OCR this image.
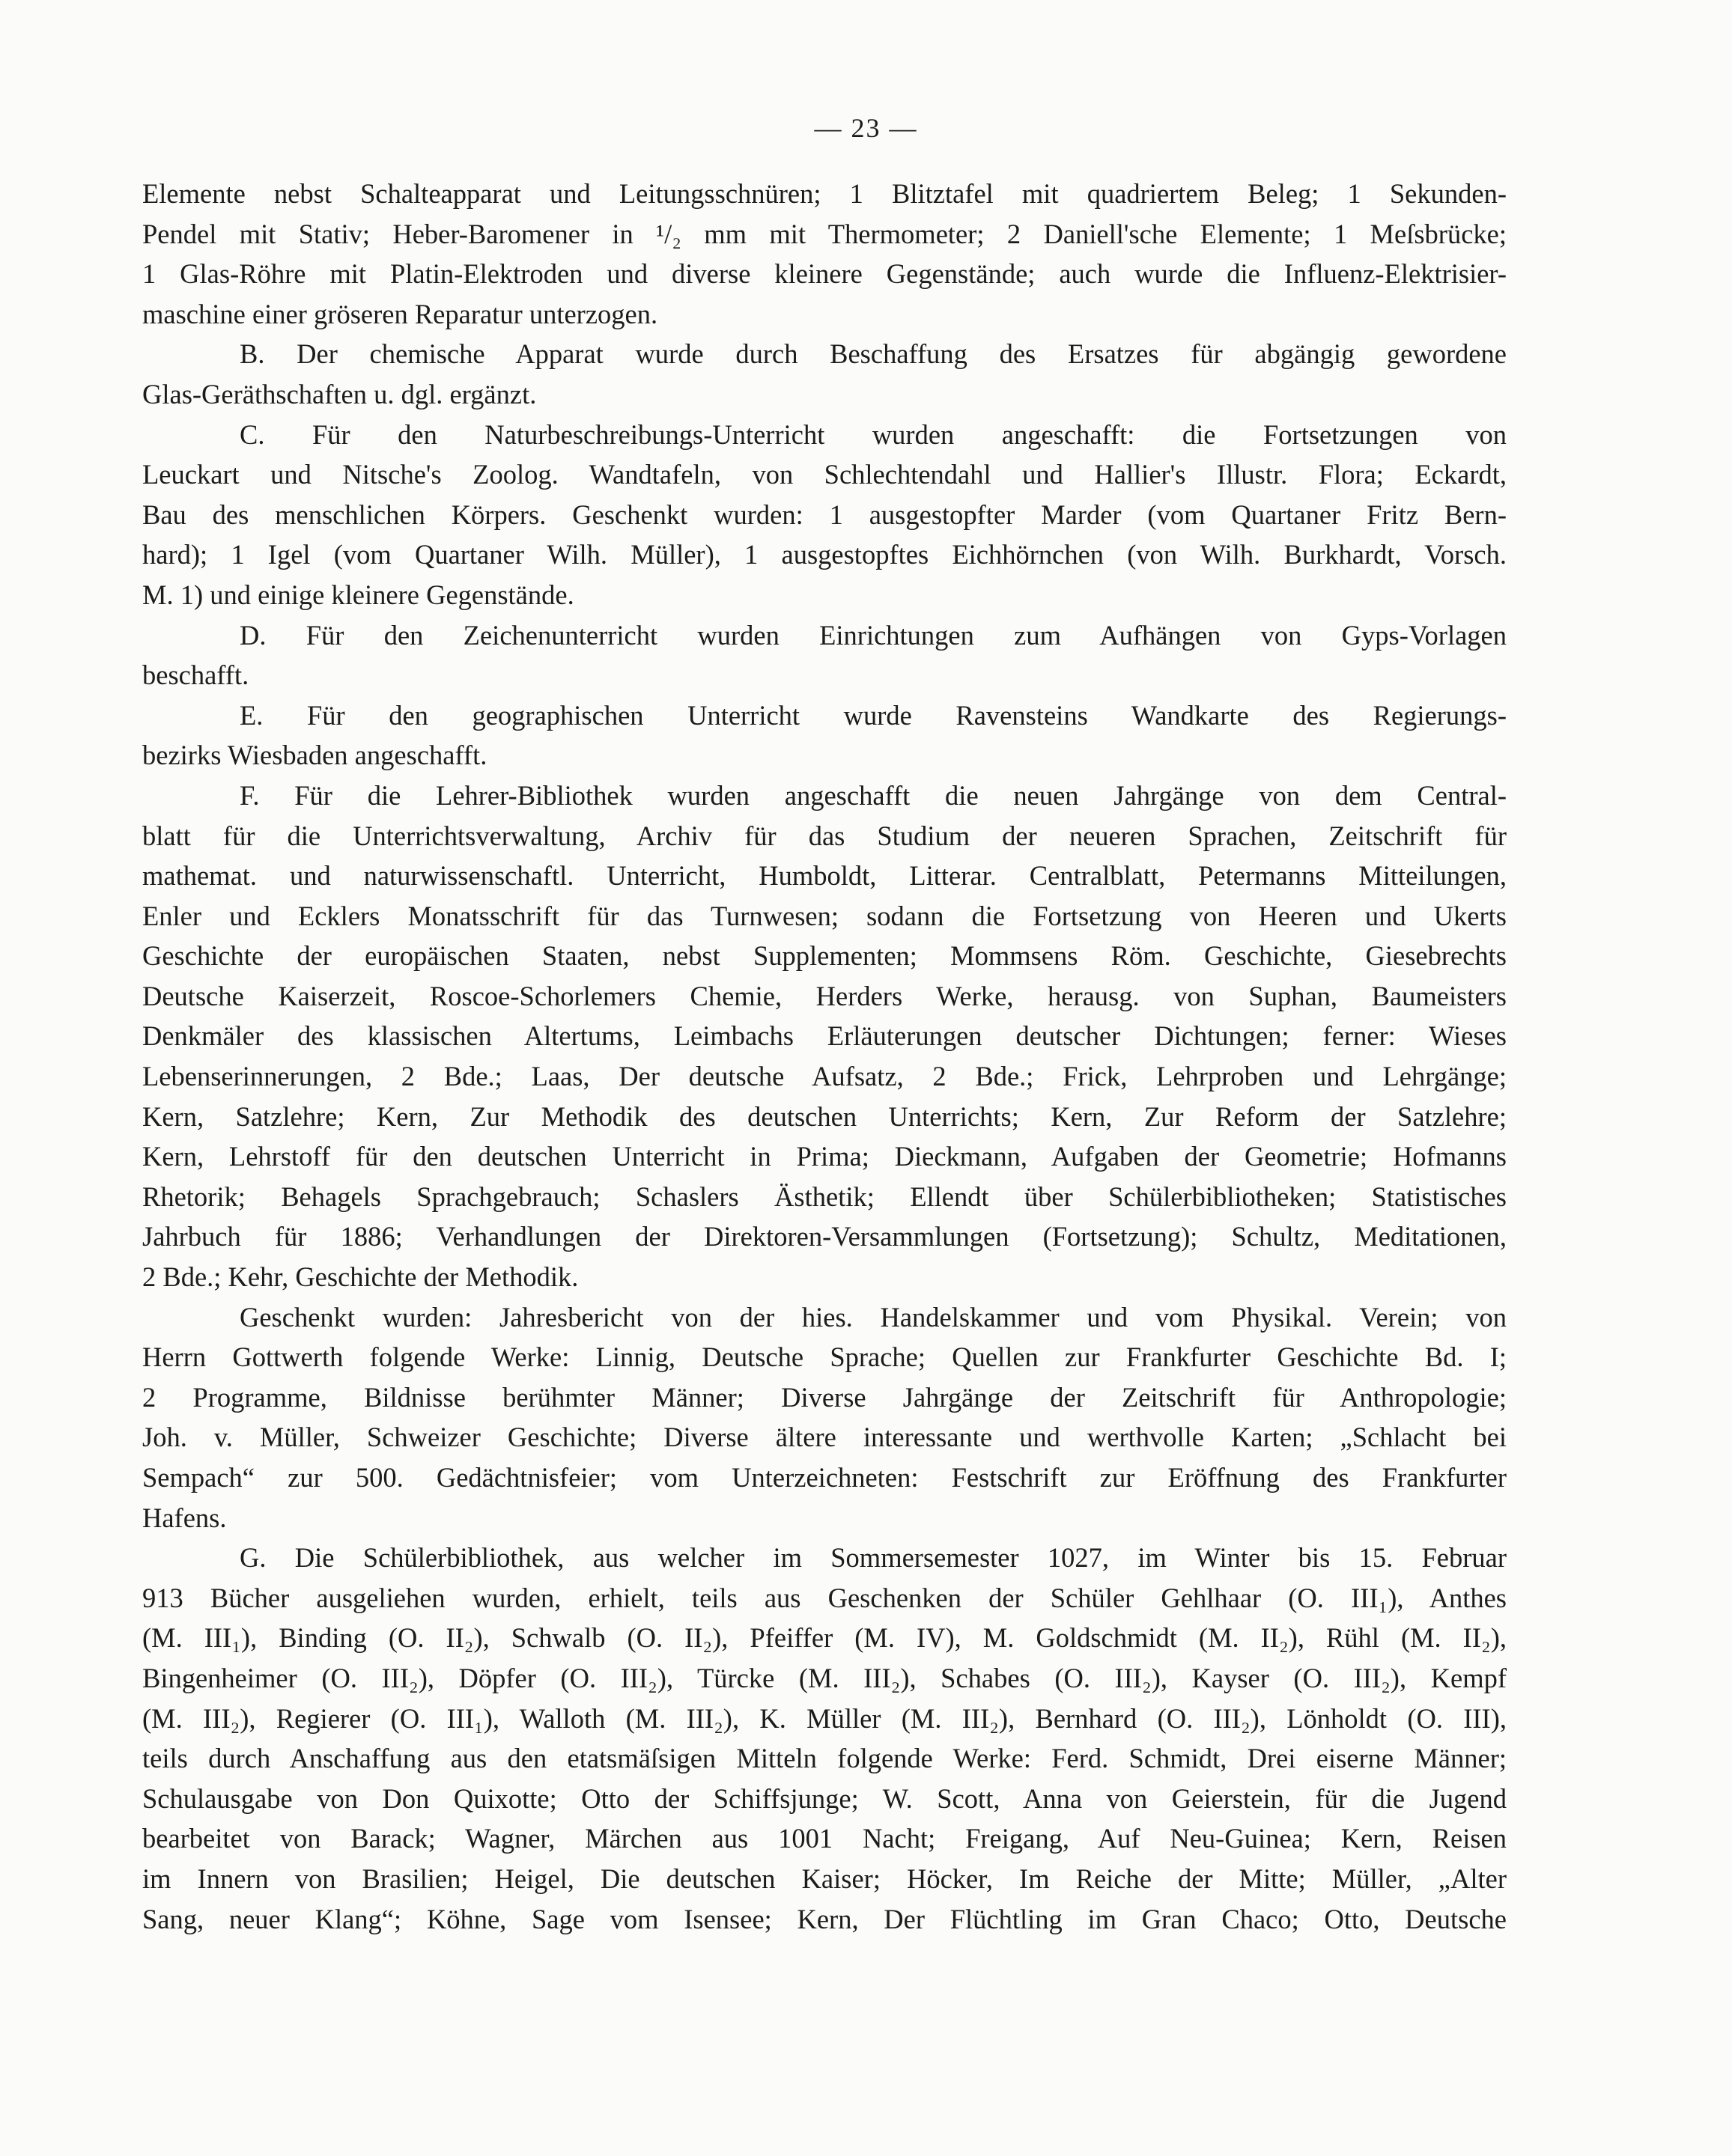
— 23 —
Elemente nebst Schalteapparat und Leitungsschnüren; 1 Blitztafel mit quadriertem Beleg; 1 Sekunden-
Pendel mit Stativ; Heber-Baromener in ¹/₂ mm mit Thermometer; 2 Daniell'sche Elemente; 1 Meſsbrücke;
1 Glas-Röhre mit Platin-Elektroden und diverse kleinere Gegenstände; auch wurde die Influenz-Elektrisier-
maschine einer gröseren Reparatur unterzogen.
B. Der chemische Apparat wurde durch Beschaffung des Ersatzes für abgängig gewordene
Glas-Geräthschaften u. dgl. ergänzt.
C. Für den Naturbeschreibungs-Unterricht wurden angeschafft: die Fortsetzungen von
Leuckart und Nitsche's Zoolog. Wandtafeln, von Schlechtendahl und Hallier's Illustr. Flora; Eckardt,
Bau des menschlichen Körpers. Geschenkt wurden: 1 ausgestopfter Marder (vom Quartaner Fritz Bern-
hard); 1 Igel (vom Quartaner Wilh. Müller), 1 ausgestopftes Eichhörnchen (von Wilh. Burkhardt, Vorsch.
M. 1) und einige kleinere Gegenstände.
D. Für den Zeichenunterricht wurden Einrichtungen zum Aufhängen von Gyps-Vorlagen
beschafft.
E. Für den geographischen Unterricht wurde Ravensteins Wandkarte des Regierungs-
bezirks Wiesbaden angeschafft.
F. Für die Lehrer-Bibliothek wurden angeschafft die neuen Jahrgänge von dem Central-
blatt für die Unterrichtsverwaltung, Archiv für das Studium der neueren Sprachen, Zeitschrift für
mathemat. und naturwissenschaftl. Unterricht, Humboldt, Litterar. Centralblatt, Petermanns Mitteilungen,
Enler und Ecklers Monatsschrift für das Turnwesen; sodann die Fortsetzung von Heeren und Ukerts
Geschichte der europäischen Staaten, nebst Supplementen; Mommsens Röm. Geschichte, Giesebrechts
Deutsche Kaiserzeit, Roscoe-Schorlemers Chemie, Herders Werke, herausg. von Suphan, Baumeisters
Denkmäler des klassischen Altertums, Leimbachs Erläuterungen deutscher Dichtungen; ferner: Wieses
Lebenserinnerungen, 2 Bde.; Laas, Der deutsche Aufsatz, 2 Bde.; Frick, Lehrproben und Lehrgänge;
Kern, Satzlehre; Kern, Zur Methodik des deutschen Unterrichts; Kern, Zur Reform der Satzlehre;
Kern, Lehrstoff für den deutschen Unterricht in Prima; Dieckmann, Aufgaben der Geometrie; Hofmanns
Rhetorik; Behagels Sprachgebrauch; Schaslers Ästhetik; Ellendt über Schülerbibliotheken; Statistisches
Jahrbuch für 1886; Verhandlungen der Direktoren-Versammlungen (Fortsetzung); Schultz, Meditationen,
2 Bde.; Kehr, Geschichte der Methodik.
Geschenkt wurden: Jahresbericht von der hies. Handelskammer und vom Physikal. Verein; von
Herrn Gottwerth folgende Werke: Linnig, Deutsche Sprache; Quellen zur Frankfurter Geschichte Bd. I;
2 Programme, Bildnisse berühmter Männer; Diverse Jahrgänge der Zeitschrift für Anthropologie;
Joh. v. Müller, Schweizer Geschichte; Diverse ältere interessante und werthvolle Karten; „Schlacht bei
Sempach“ zur 500. Gedächtnisfeier; vom Unterzeichneten: Festschrift zur Eröffnung des Frankfurter
Hafens.
G. Die Schülerbibliothek, aus welcher im Sommersemester 1027, im Winter bis 15. Februar
913 Bücher ausgeliehen wurden, erhielt, teils aus Geschenken der Schüler Gehlhaar (O. III₁), Anthes
(M. III₁), Binding (O. II₂), Schwalb (O. II₂), Pfeiffer (M. IV), M. Goldschmidt (M. II₂), Rühl (M. II₂),
Bingenheimer (O. III₂), Döpfer (O. III₂), Türcke (M. III₂), Schabes (O. III₂), Kayser (O. III₂), Kempf
(M. III₂), Regierer (O. III₁), Walloth (M. III₂), K. Müller (M. III₂), Bernhard (O. III₂), Lönholdt (O. III),
teils durch Anschaffung aus den etatsmäſsigen Mitteln folgende Werke: Ferd. Schmidt, Drei eiserne Männer;
Schulausgabe von Don Quixotte; Otto der Schiffsjunge; W. Scott, Anna von Geierstein, für die Jugend
bearbeitet von Barack; Wagner, Märchen aus 1001 Nacht; Freigang, Auf Neu-Guinea; Kern, Reisen
im Innern von Brasilien; Heigel, Die deutschen Kaiser; Höcker, Im Reiche der Mitte; Müller, „Alter
Sang, neuer Klang“; Köhne, Sage vom Isensee; Kern, Der Flüchtling im Gran Chaco; Otto, Deutsche
